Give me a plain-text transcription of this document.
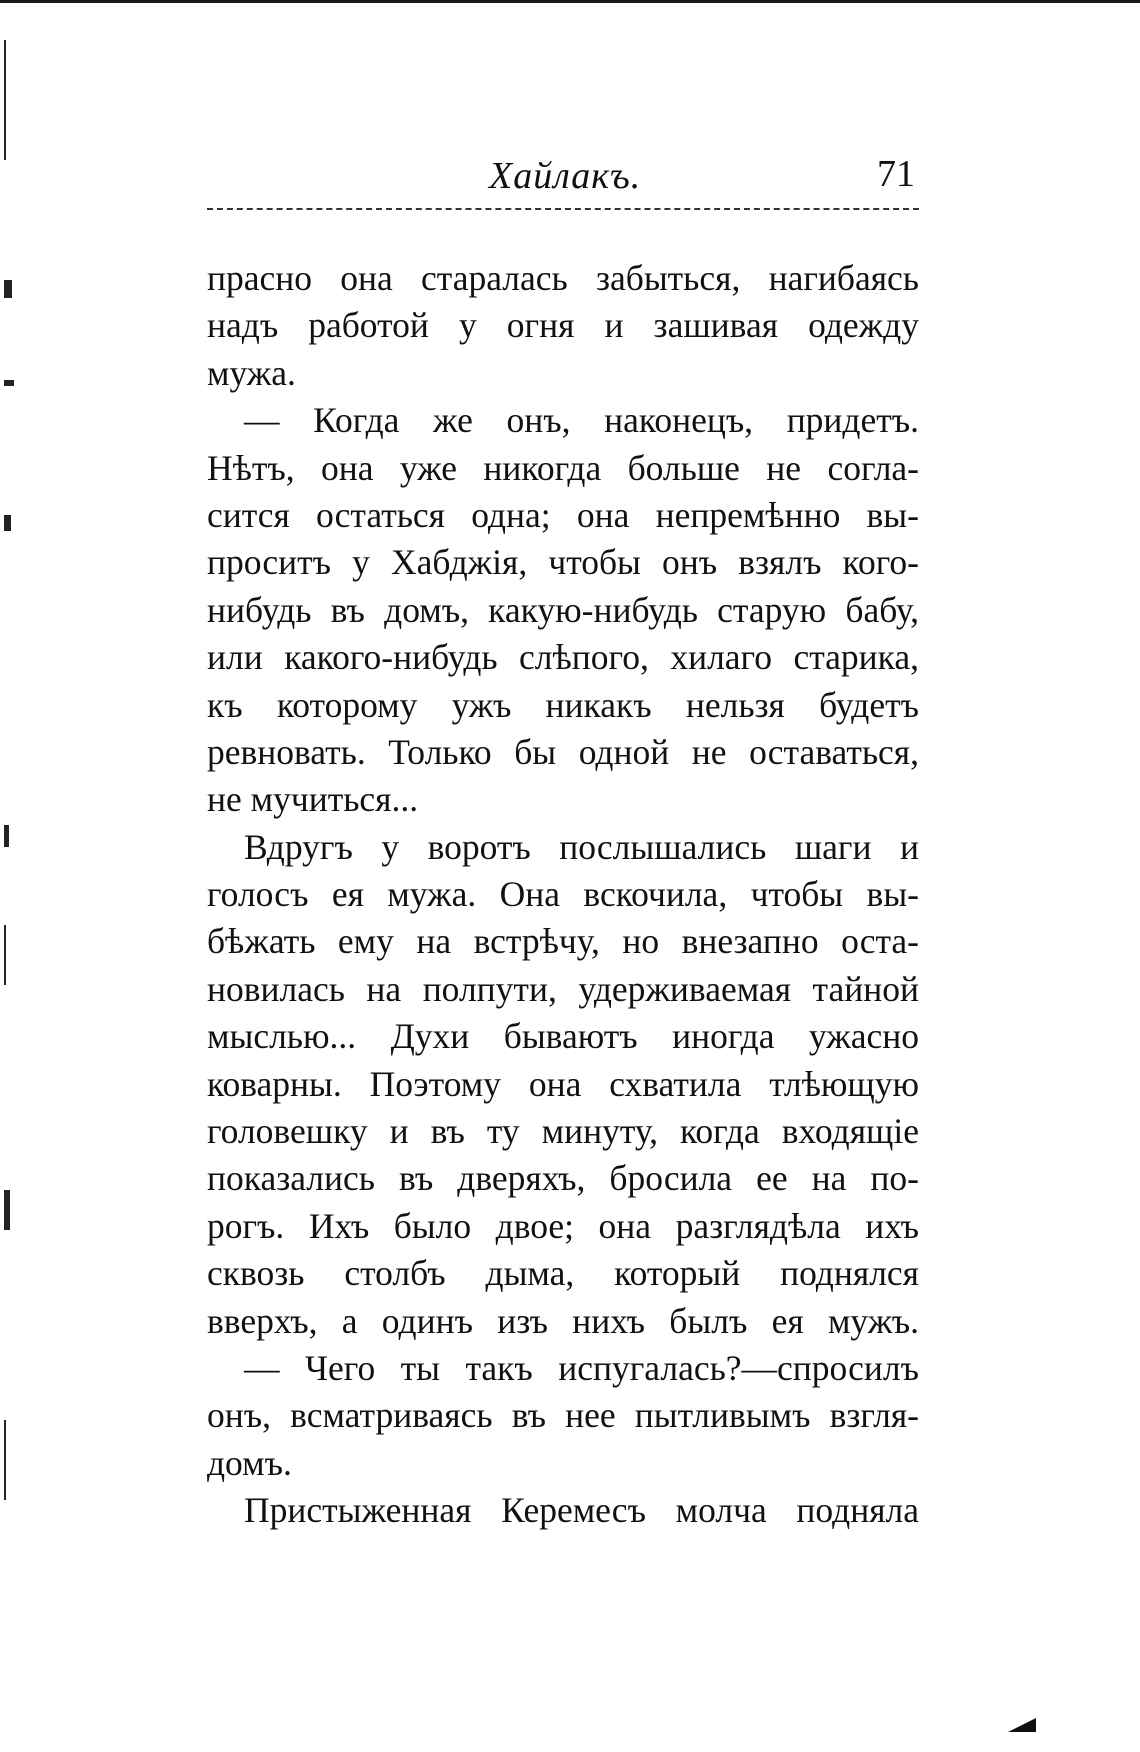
Хайлакъ.	71
прасно она старалась забыться, нагибаясь
надъ работой у огня и зашивая одежду
мужа.
— Когда же онъ, наконецъ, придетъ.
Нѣтъ, она уже никогда больше не согла-
сится остаться одна; она непремѣнно вы-
проситъ у Хабджія, чтобы онъ взялъ кого-
нибудь въ домъ, какую-нибудь старую бабу,
или какого-нибудь слѣпого, хилаго старика,
къ которому ужъ никакъ нельзя будетъ
ревновать. Только бы одной не оставаться,
не мучиться...
Вдругъ у воротъ послышались шаги и
голосъ ея мужа. Она вскочила, чтобы вы-
бѣжать ему на встрѣчу, но внезапно оста-
новилась на полпути, удерживаемая тайной
мыслью... Духи бываютъ иногда ужасно
коварны. Поэтому она схватила тлѣющую
головешку и въ ту минуту, когда входящіе
показались въ дверяхъ, бросила ее на по-
рогъ. Ихъ было двое; она разглядѣла ихъ
сквозь столбъ дыма, который поднялся
вверхъ, а одинъ изъ нихъ былъ ея мужъ.
— Чего ты такъ испугалась?—спросилъ
онъ, всматриваясь въ нее пытливымъ взгля-
домъ.
Пристыженная Керемесъ молча подняла
